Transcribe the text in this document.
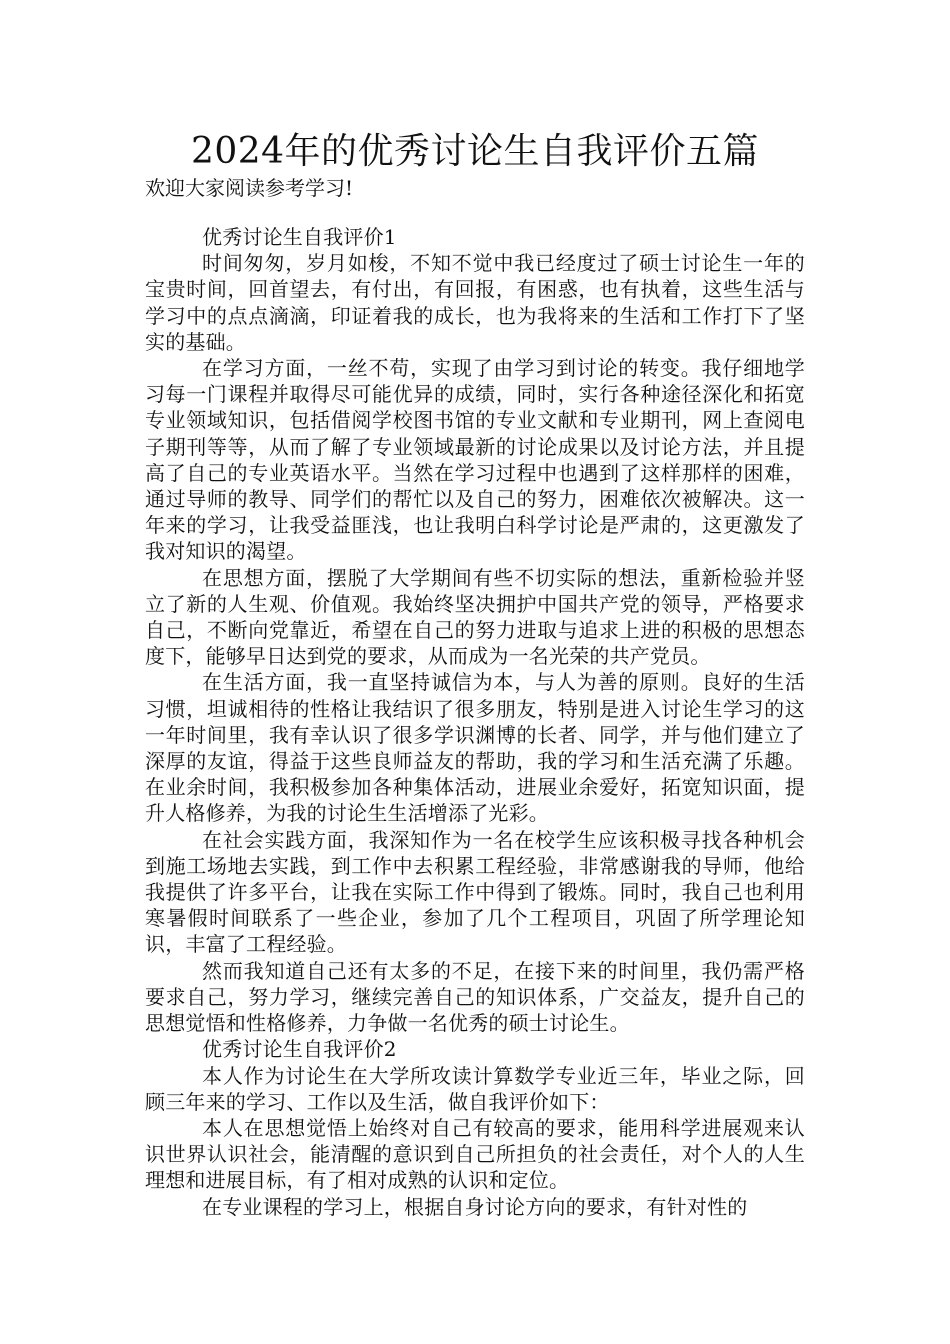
2024年的优秀讨论生自我评价五篇

欢迎大家阅读参考学习!

优秀讨论生自我评价1

时间匆匆，岁月如梭，不知不觉中我已经度过了硕士讨论生一年的宝贵时间，回首望去，有付出，有回报，有困惑，也有执着，这些生活与学习中的点点滴滴，印证着我的成长，也为我将来的生活和工作打下了坚实的基础。

在学习方面，一丝不苟，实现了由学习到讨论的转变。我仔细地学习每一门课程并取得尽可能优异的成绩，同时，实行各种途径深化和拓宽专业领域知识，包括借阅学校图书馆的专业文献和专业期刊，网上查阅电子期刊等等，从而了解了专业领域最新的讨论成果以及讨论方法，并且提高了自己的专业英语水平。当然在学习过程中也遇到了这样那样的困难，通过导师的教导、同学们的帮忙以及自己的努力，困难依次被解决。这一年来的学习，让我受益匪浅，也让我明白科学讨论是严肃的，这更激发了我对知识的渴望。

在思想方面，摆脱了大学期间有些不切实际的想法，重新检验并竖立了新的人生观、价值观。我始终坚决拥护中国共产党的领导，严格要求自己，不断向党靠近，希望在自己的努力进取与追求上进的积极的思想态度下，能够早日达到党的要求，从而成为一名光荣的共产党员。

在生活方面，我一直坚持诚信为本，与人为善的原则。良好的生活习惯，坦诚相待的性格让我结识了很多朋友，特别是进入讨论生学习的这一年时间里，我有幸认识了很多学识渊博的长者、同学，并与他们建立了深厚的友谊，得益于这些良师益友的帮助，我的学习和生活充满了乐趣。在业余时间，我积极参加各种集体活动，进展业余爱好，拓宽知识面，提升人格修养，为我的讨论生生活增添了光彩。

在社会实践方面，我深知作为一名在校学生应该积极寻找各种机会到施工场地去实践，到工作中去积累工程经验，非常感谢我的导师，他给我提供了许多平台，让我在实际工作中得到了锻炼。同时，我自己也利用寒暑假时间联系了一些企业，参加了几个工程项目，巩固了所学理论知识，丰富了工程经验。

然而我知道自己还有太多的不足，在接下来的时间里，我仍需严格要求自己，努力学习，继续完善自己的知识体系，广交益友，提升自己的思想觉悟和性格修养，力争做一名优秀的硕士讨论生。

优秀讨论生自我评价2

本人作为讨论生在大学所攻读计算数学专业近三年，毕业之际，回顾三年来的学习、工作以及生活，做自我评价如下：

本人在思想觉悟上始终对自己有较高的要求，能用科学进展观来认识世界认识社会，能清醒的意识到自己所担负的社会责任，对个人的人生理想和进展目标，有了相对成熟的认识和定位。

在专业课程的学习上，根据自身讨论方向的要求，有针对性的
